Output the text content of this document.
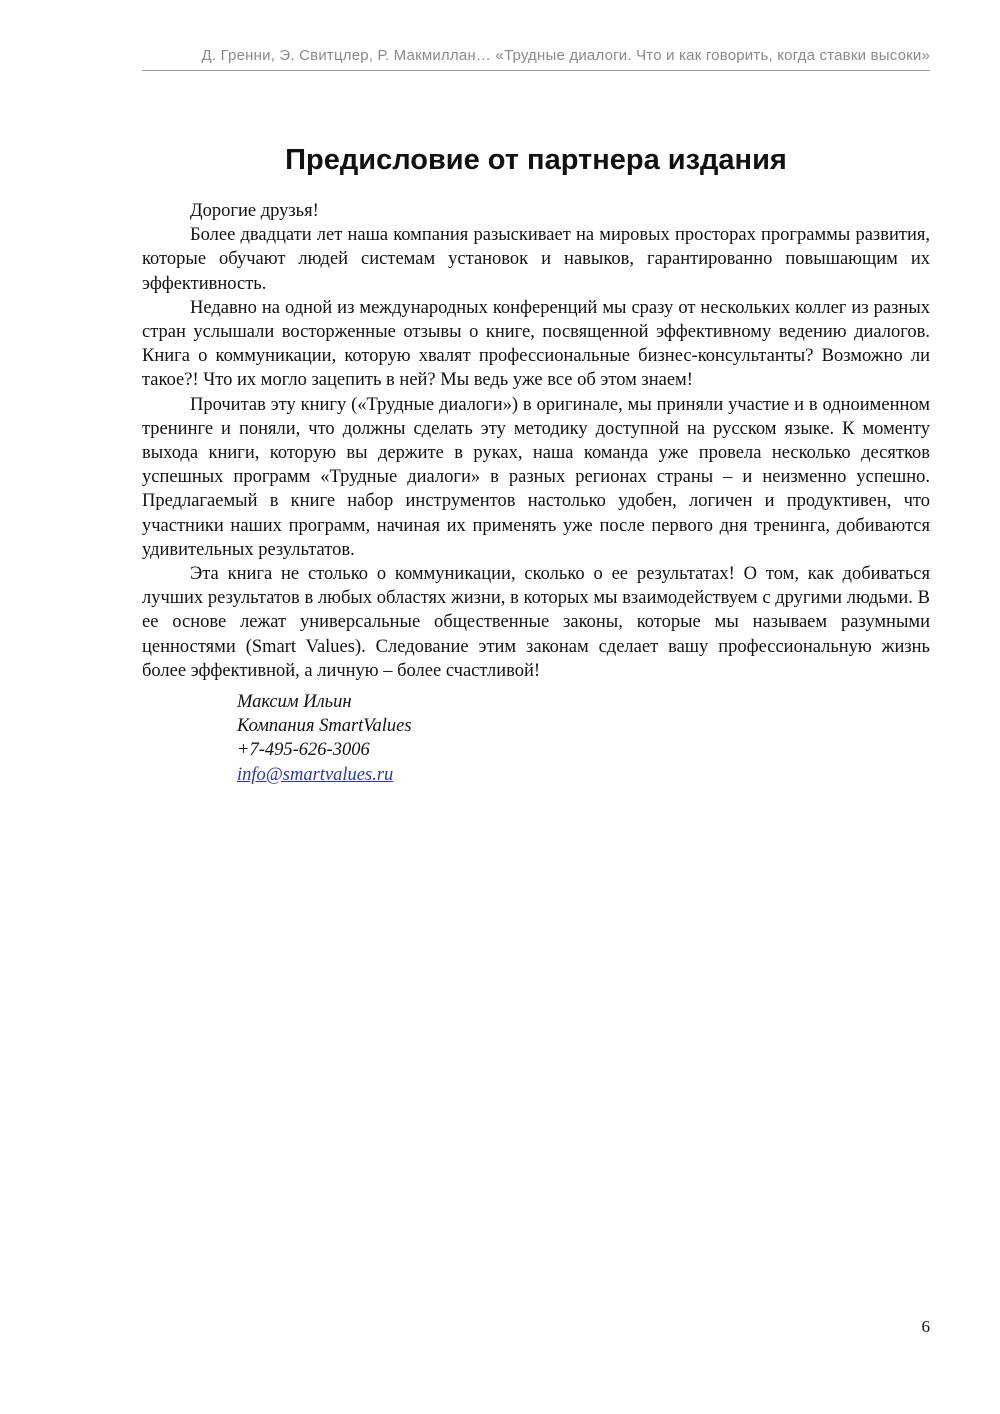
Д. Гренни, Э. Свитцлер, Р. Макмиллан… «Трудные диалоги. Что и как говорить, когда ставки высоки»
Предисловие от партнера издания

Дорогие друзья!

Более двадцати лет наша компания разыскивает на мировых просторах программы развития, которые обучают людей системам установок и навыков, гарантированно повышающим их эффективность.

Недавно на одной из международных конференций мы сразу от нескольких коллег из разных стран услышали восторженные отзывы о книге, посвященной эффективному ведению диалогов. Книга о коммуникации, которую хвалят профессиональные бизнес-консультанты? Возможно ли такое?! Что их могло зацепить в ней? Мы ведь уже все об этом знаем!

Прочитав эту книгу («Трудные диалоги») в оригинале, мы приняли участие и в одноименном тренинге и поняли, что должны сделать эту методику доступной на русском языке. К моменту выхода книги, которую вы держите в руках, наша команда уже провела несколько десятков успешных программ «Трудные диалоги» в разных регионах страны – и неизменно успешно. Предлагаемый в книге набор инструментов настолько удобен, логичен и продуктивен, что участники наших программ, начиная их применять уже после первого дня тренинга, добиваются удивительных результатов.

Эта книга не столько о коммуникации, сколько о ее результатах! О том, как добиваться лучших результатов в любых областях жизни, в которых мы взаимодействуем с другими людьми. В ее основе лежат универсальные общественные законы, которые мы называем разумными ценностями (Smart Values). Следование этим законам сделает вашу профессиональную жизнь более эффективной, а личную – более счастливой!

Максим Ильин
Компания SmartValues
+7-495-626-3006
info@smartvalues.ru
6
